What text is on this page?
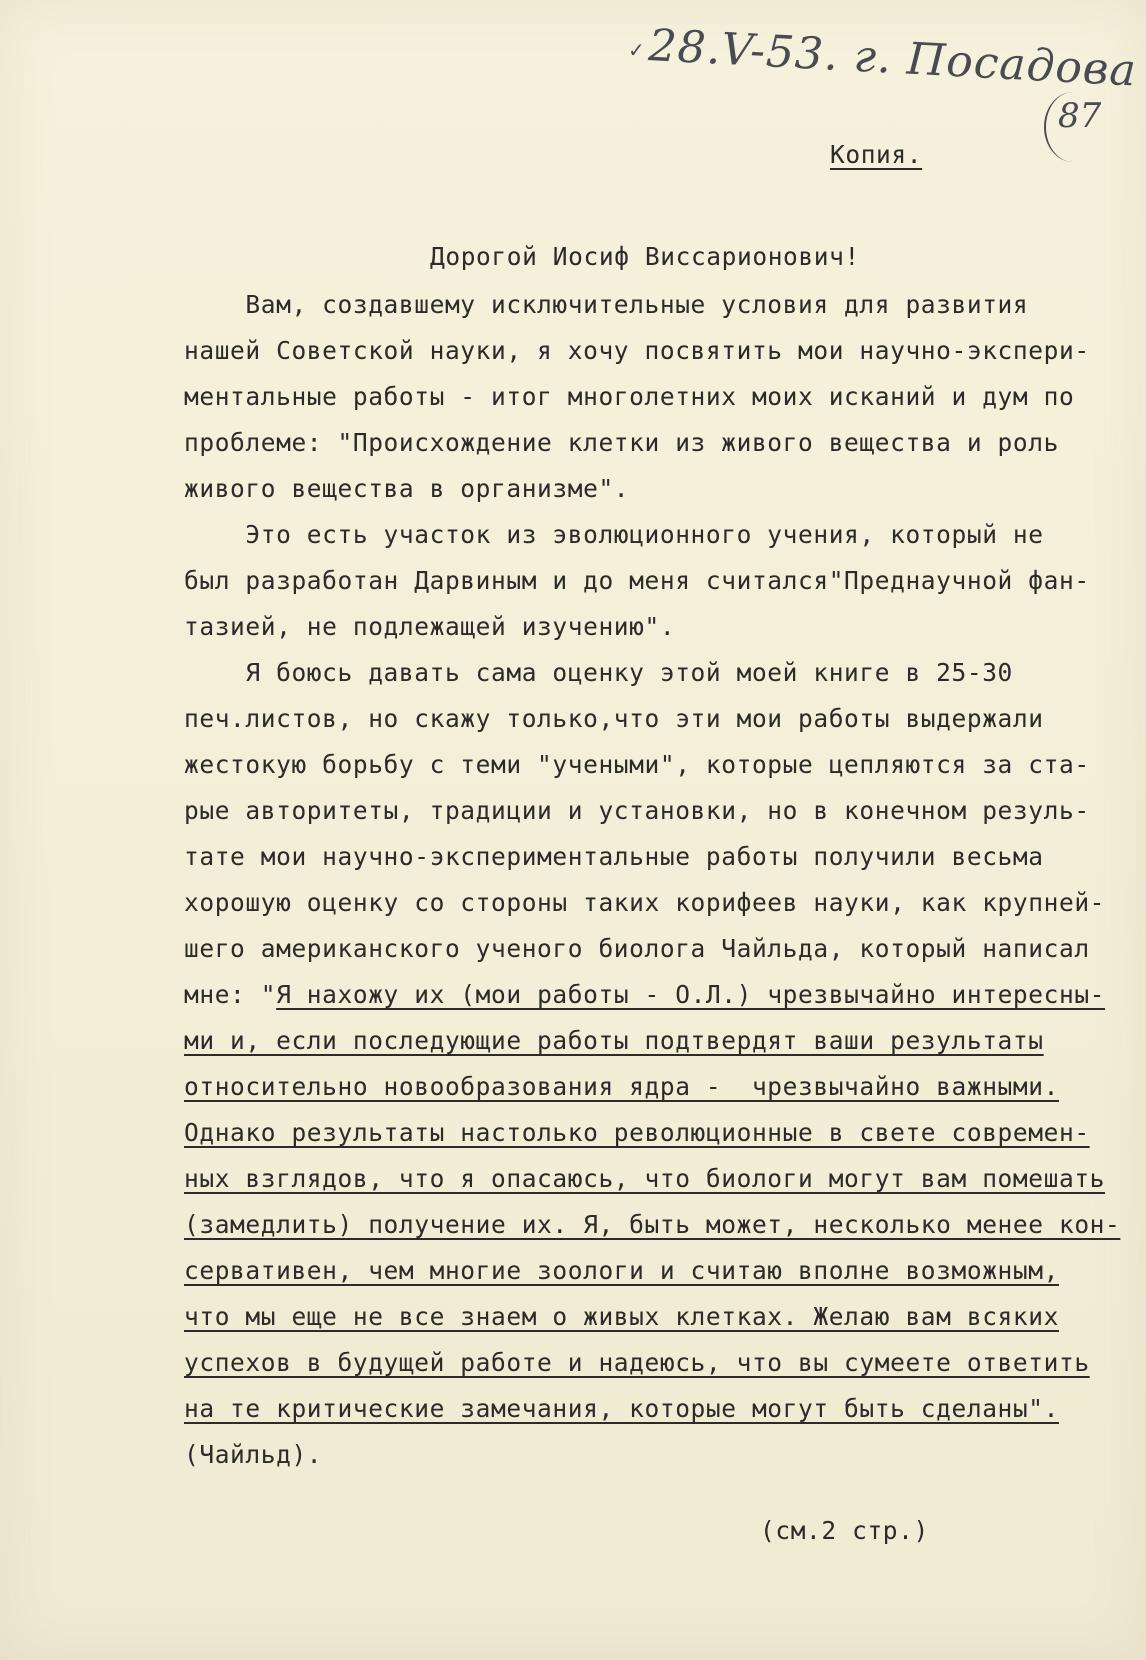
✓ 28.V-53. г. Посадова
87
Копия.
Дорогой Иосиф Виссарионович!
Вам, создавшему исключительные условия для развития
нашей Советской науки, я хочу посвятить мои научно-экспери-
ментальные работы - итог многолетних моих исканий и дум по
проблеме: "Происхождение клетки из живого вещества и роль
живого вещества в организме".
Это есть участок из эволюционного учения, который не
был разработан Дарвиным и до меня считался"Преднаучной фан-
тазией, не подлежащей изучению".
Я боюсь давать сама оценку этой моей книге в 25-30
печ.листов, но скажу только,что эти мои работы выдержали
жестокую борьбу с теми "учеными", которые цепляются за ста-
рые авторитеты, традиции и установки, но в конечном резуль-
тате мои научно-экспериментальные работы получили весьма
хорошую оценку со стороны таких корифеев науки, как крупней-
шего американского ученого биолога Чайльда, который написал
мне: "Я нахожу их (мои работы - О.Л.) чрезвычайно интересны-
ми и, если последующие работы подтвердят ваши результаты
относительно новообразования ядра -  чрезвычайно важными.
Однако результаты настолько революционные в свете современ-
ных взглядов, что я опасаюсь, что биологи могут вам помешать
(замедлить) получение их. Я, быть может, несколько менее кон-
сервативен, чем многие зоологи и считаю вполне возможным,
что мы еще не все знаем о живых клетках. Желаю вам всяких
успехов в будущей работе и надеюсь, что вы сумеете ответить
на те критические замечания, которые могут быть сделаны".
(Чайльд).
(см.2 стр.)
